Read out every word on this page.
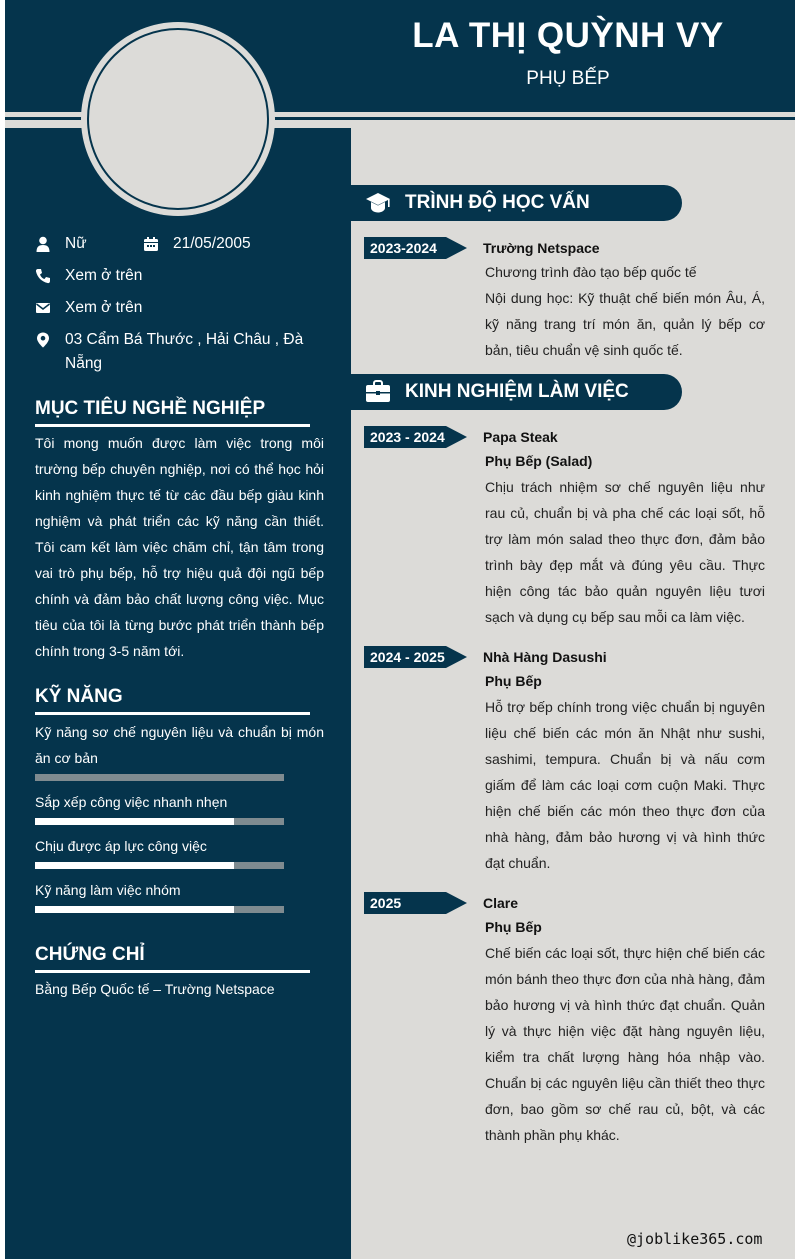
LA THỊ QUỲNH VY
PHỤ BẾP
Nữ	21/05/2005
Xem ở trên
Xem ở trên
03 Cẩm Bá Thước , Hải Châu , Đà Nẵng
MỤC TIÊU NGHỀ NGHIỆP
Tôi mong muốn được làm việc trong môi trường bếp chuyên nghiệp, nơi có thể học hỏi kinh nghiệm thực tế từ các đầu bếp giàu kinh nghiệm và phát triển các kỹ năng cần thiết. Tôi cam kết làm việc chăm chỉ, tận tâm trong vai trò phụ bếp, hỗ trợ hiệu quả đội ngũ bếp chính và đảm bảo chất lượng công việc. Mục tiêu của tôi là từng bước phát triển thành bếp chính trong 3-5 năm tới.
KỸ NĂNG
Kỹ năng sơ chế nguyên liệu và chuẩn bị món ăn cơ bản
Sắp xếp công việc nhanh nhẹn
Chịu được áp lực công việc
Kỹ năng làm việc nhóm
CHỨNG CHỈ
Bằng Bếp Quốc tế – Trường Netspace
TRÌNH ĐỘ HỌC VẤN
2023-2024	Trường Netspace
Chương trình đào tạo bếp quốc tế
Nội dung học: Kỹ thuật chế biến món Âu, Á, kỹ năng trang trí món ăn, quản lý bếp cơ bản, tiêu chuẩn vệ sinh quốc tế.
KINH NGHIỆM LÀM VIỆC
2023 - 2024	Papa Steak
Phụ Bếp (Salad)
Chịu trách nhiệm sơ chế nguyên liệu như rau củ, chuẩn bị và pha chế các loại sốt, hỗ trợ làm món salad theo thực đơn, đảm bảo trình bày đẹp mắt và đúng yêu cầu. Thực hiện công tác bảo quản nguyên liệu tươi sạch và dụng cụ bếp sau mỗi ca làm việc.
2024 - 2025	Nhà Hàng Dasushi
Phụ Bếp
Hỗ trợ bếp chính trong việc chuẩn bị nguyên liệu chế biến các món ăn Nhật như sushi, sashimi, tempura. Chuẩn bị và nấu cơm giấm để làm các loại cơm cuộn Maki. Thực hiện chế biến các món theo thực đơn của nhà hàng, đảm bảo hương vị và hình thức đạt chuẩn.
2025	Clare
Phụ Bếp
Chế biến các loại sốt, thực hiện chế biến các món bánh theo thực đơn của nhà hàng, đảm bảo hương vị và hình thức đạt chuẩn. Quản lý và thực hiện việc đặt hàng nguyên liệu, kiểm tra chất lượng hàng hóa nhập vào. Chuẩn bị các nguyên liệu cần thiết theo thực đơn, bao gồm sơ chế rau củ, bột, và các thành phần phụ khác.
@joblike365.com
